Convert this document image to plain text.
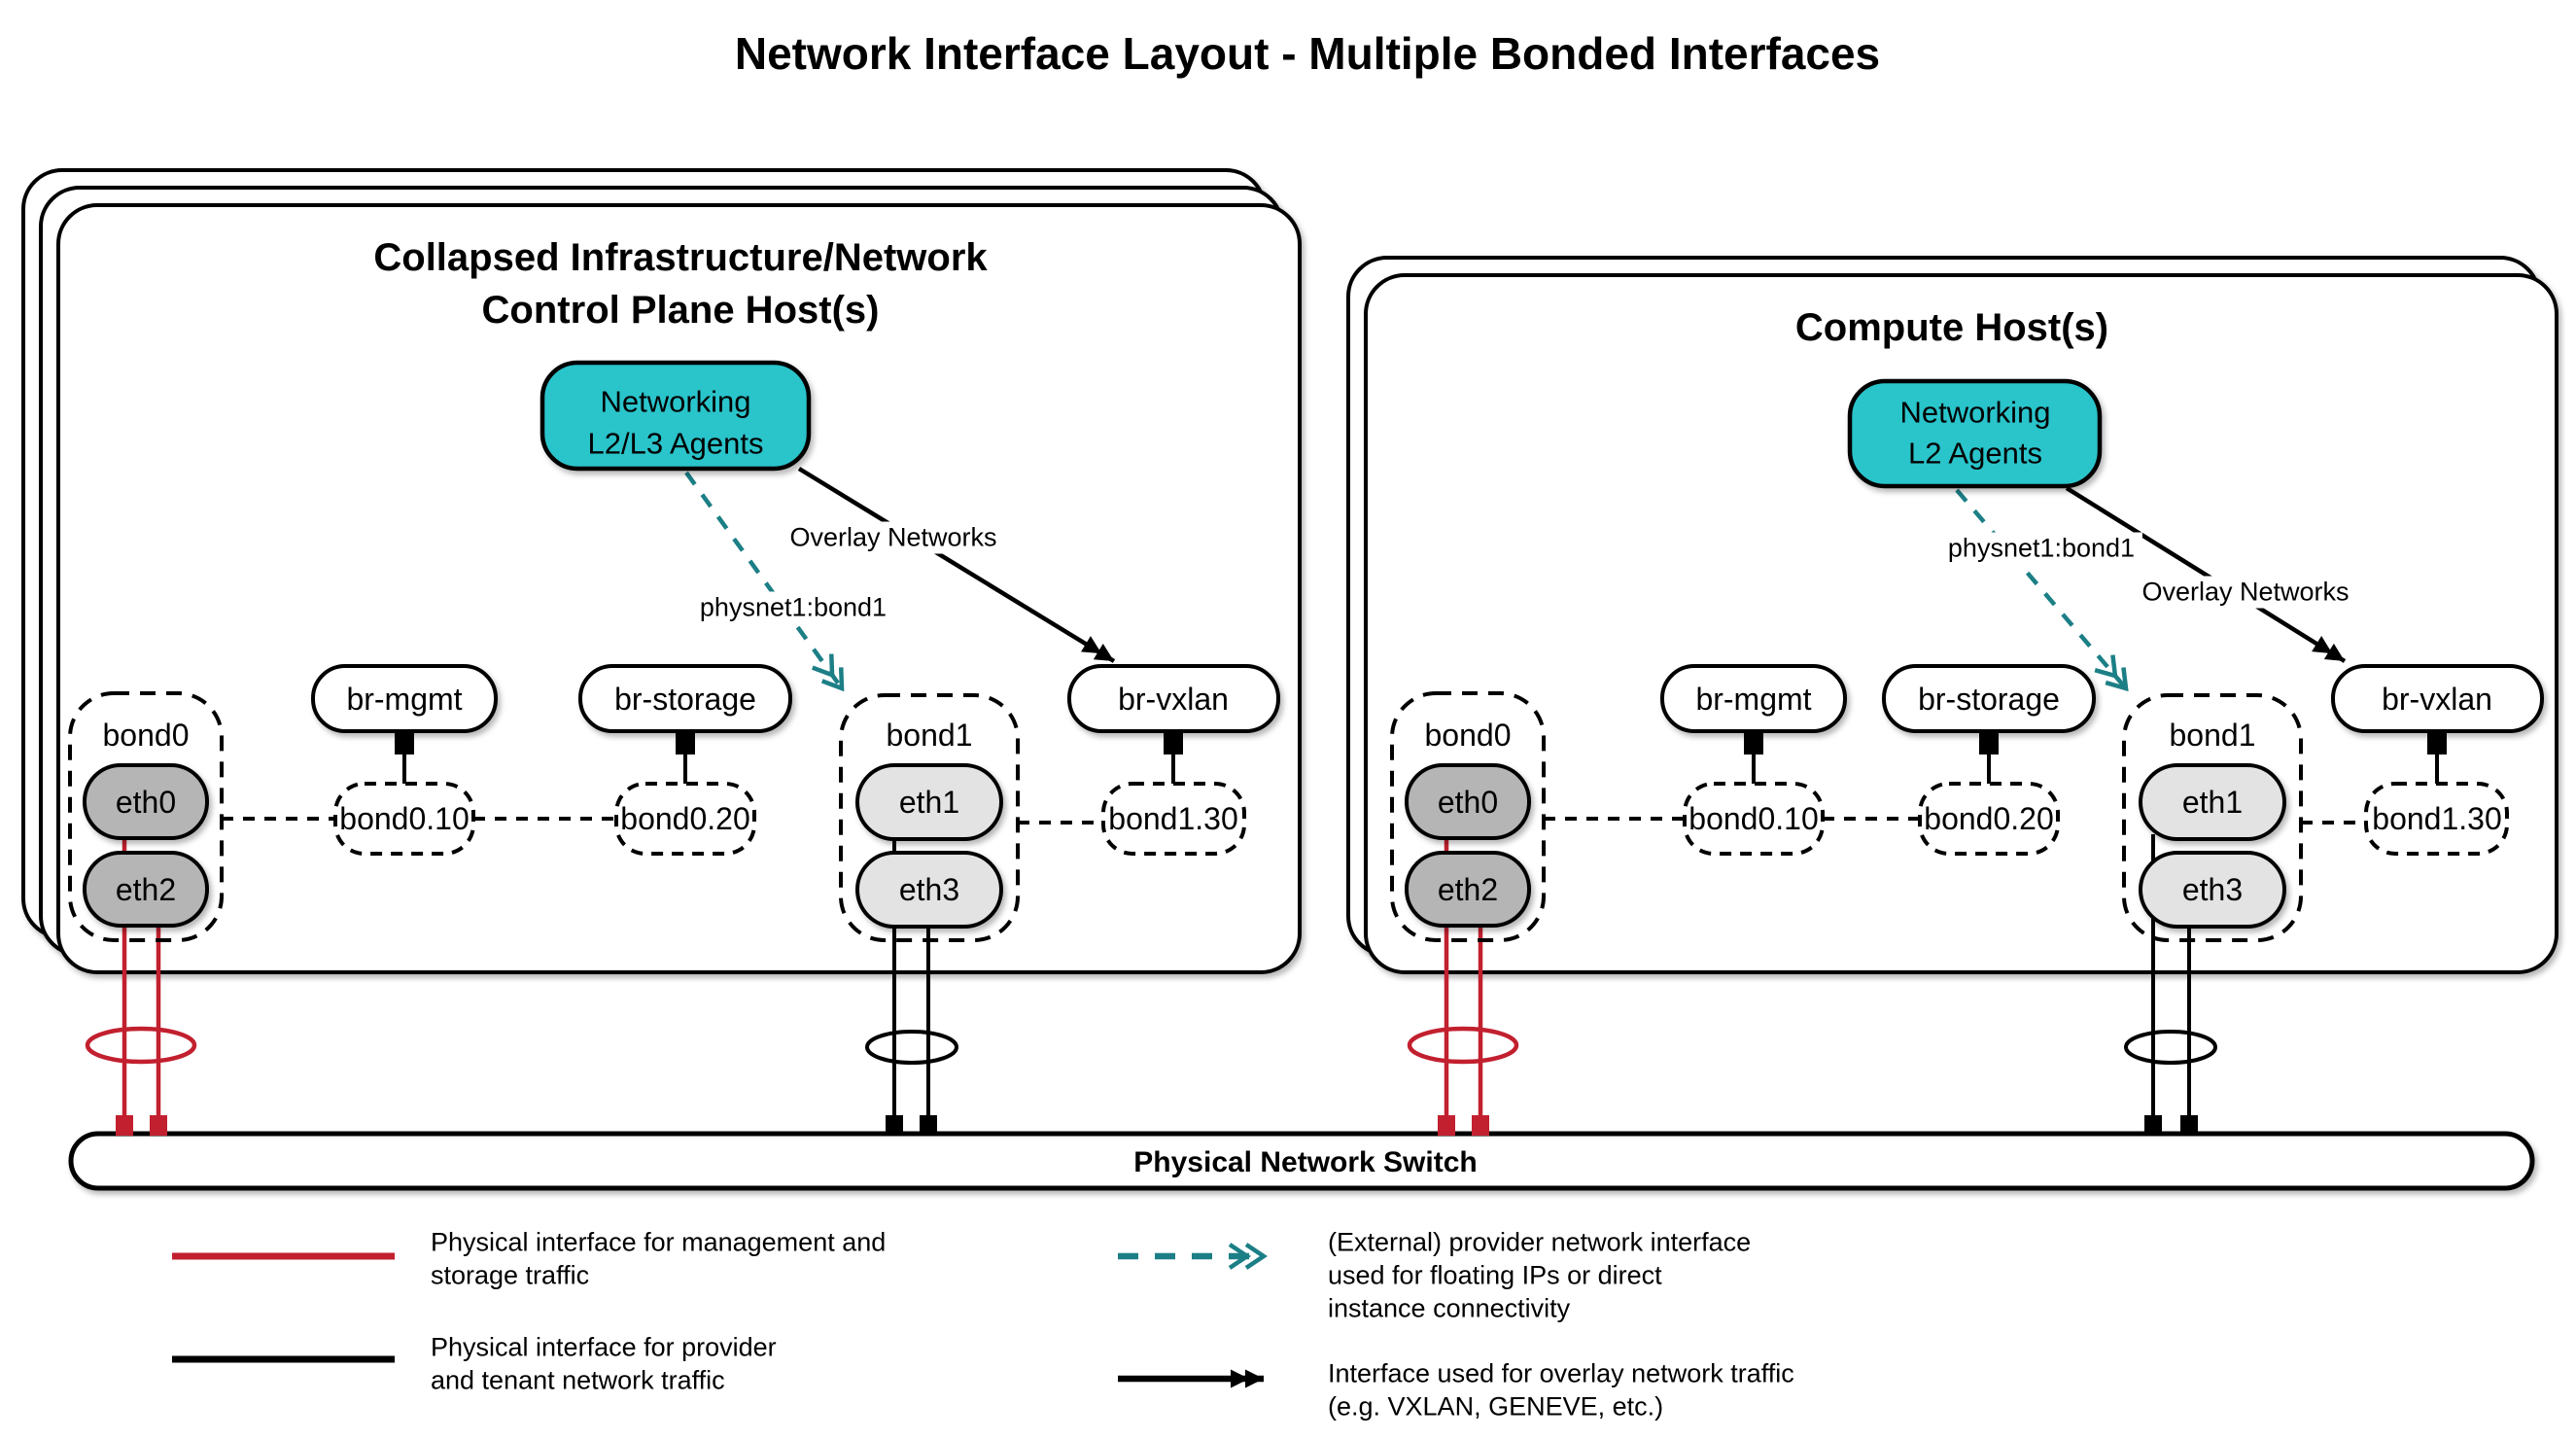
Network Interface Layout - Multiple Bonded Interfaces
Collapsed Infrastructure/Network
Control Plane Host(s)	Compute Host(s)
Networking
L2/L3 Agents
Networking
L2 Agents
Overlay Networks
physnet1:bond1
physnet1:bond1
Overlay Networks
br-mgmt	br-storage	br-vxlan
bond0.10	bond0.20	bond1.30
bond0
eth0
eth2
bond1
eth1
eth3
br-mgmt	br-storage	br-vxlan
bond0.10	bond0.20	bond1.30
bond0
eth0
eth2
bond1
eth1
eth3
Physical Network Switch
Physical interface for management and
storage traffic
Physical interface for provider
and tenant network traffic
(External) provider network interface
used for floating IPs or direct
instance connectivity
Interface used for overlay network traffic
(e.g. VXLAN, GENEVE, etc.)
